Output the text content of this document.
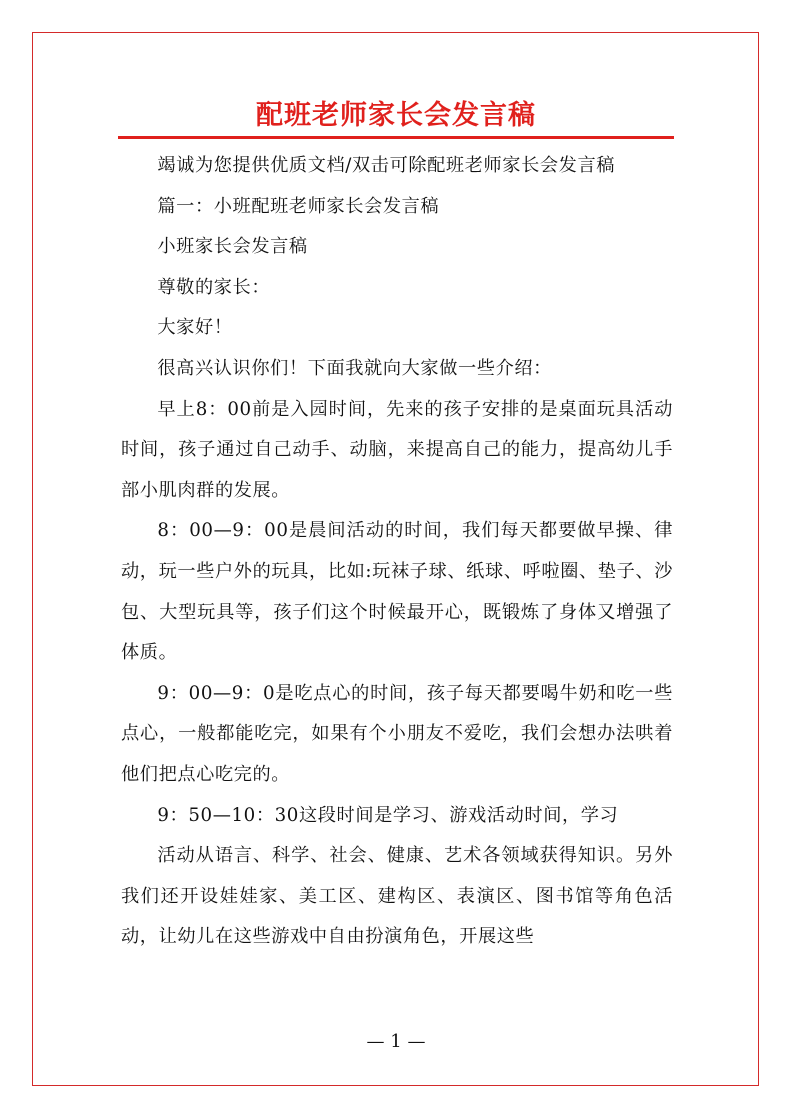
配班老师家长会发言稿

竭诚为您提供优质文档/双击可除配班老师家长会发言稿

篇一：小班配班老师家长会发言稿

小班家长会发言稿

尊敬的家长：

大家好！

很高兴认识你们！下面我就向大家做一些介绍：

早上8：00前是入园时间，先来的孩子安排的是桌面玩具活动时间，孩子通过自己动手、动脑，来提高自己的能力，提高幼儿手部小肌肉群的发展。

8：00—9：00是晨间活动的时间，我们每天都要做早操、律动，玩一些户外的玩具，比如:玩袜子球、纸球、呼啦圈、垫子、沙包、大型玩具等，孩子们这个时候最开心，既锻炼了身体又增强了体质。

9：00—9：0是吃点心的时间，孩子每天都要喝牛奶和吃一些点心，一般都能吃完，如果有个小朋友不爱吃，我们会想办法哄着他们把点心吃完的。

9：50—10：30这段时间是学习、游戏活动时间，学习

活动从语言、科学、社会、健康、艺术各领域获得知识。另外我们还开设娃娃家、美工区、建构区、表演区、图书馆等角色活动，让幼儿在这些游戏中自由扮演角色，开展这些

— 1 —
